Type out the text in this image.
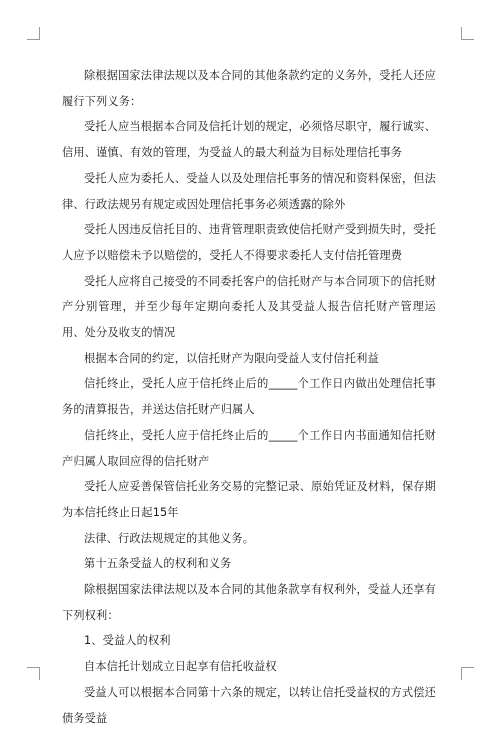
除根据国家法律法规以及本合同的其他条款约定的义务外，受托人还应履行下列义务：

受托人应当根据本合同及信托计划的规定，必须恪尽职守，履行诚实、信用、谨慎、有效的管理，为受益人的最大利益为目标处理信托事务

受托人应为委托人、受益人以及处理信托事务的情况和资料保密，但法律、行政法规另有规定或因处理信托事务必须透露的除外

受托人因违反信托目的、违背管理职责致使信托财产受到损失时，受托人应予以赔偿未予以赔偿的，受托人不得要求委托人支付信托管理费

受托人应将自己接受的不同委托客户的信托财产与本合同项下的信托财产分别管理，并至少每年定期向委托人及其受益人报告信托财产管理运用、处分及收支的情况

根据本合同的约定，以信托财产为限向受益人支付信托利益

信托终止，受托人应于信托终止后的_____个工作日内做出处理信托事务的清算报告，并送达信托财产归属人

信托终止，受托人应于信托终止后的_____个工作日内书面通知信托财产归属人取回应得的信托财产

受托人应妥善保管信托业务交易的完整记录、原始凭证及材料，保存期为本信托终止日起15年

法律、行政法规规定的其他义务。

第十五条受益人的权利和义务

除根据国家法律法规以及本合同的其他条款享有权利外，受益人还享有下列权利：

1、受益人的权利

自本信托计划成立日起享有信托收益权

受益人可以根据本合同第十六条的规定，以转让信托受益权的方式偿还债务受益
